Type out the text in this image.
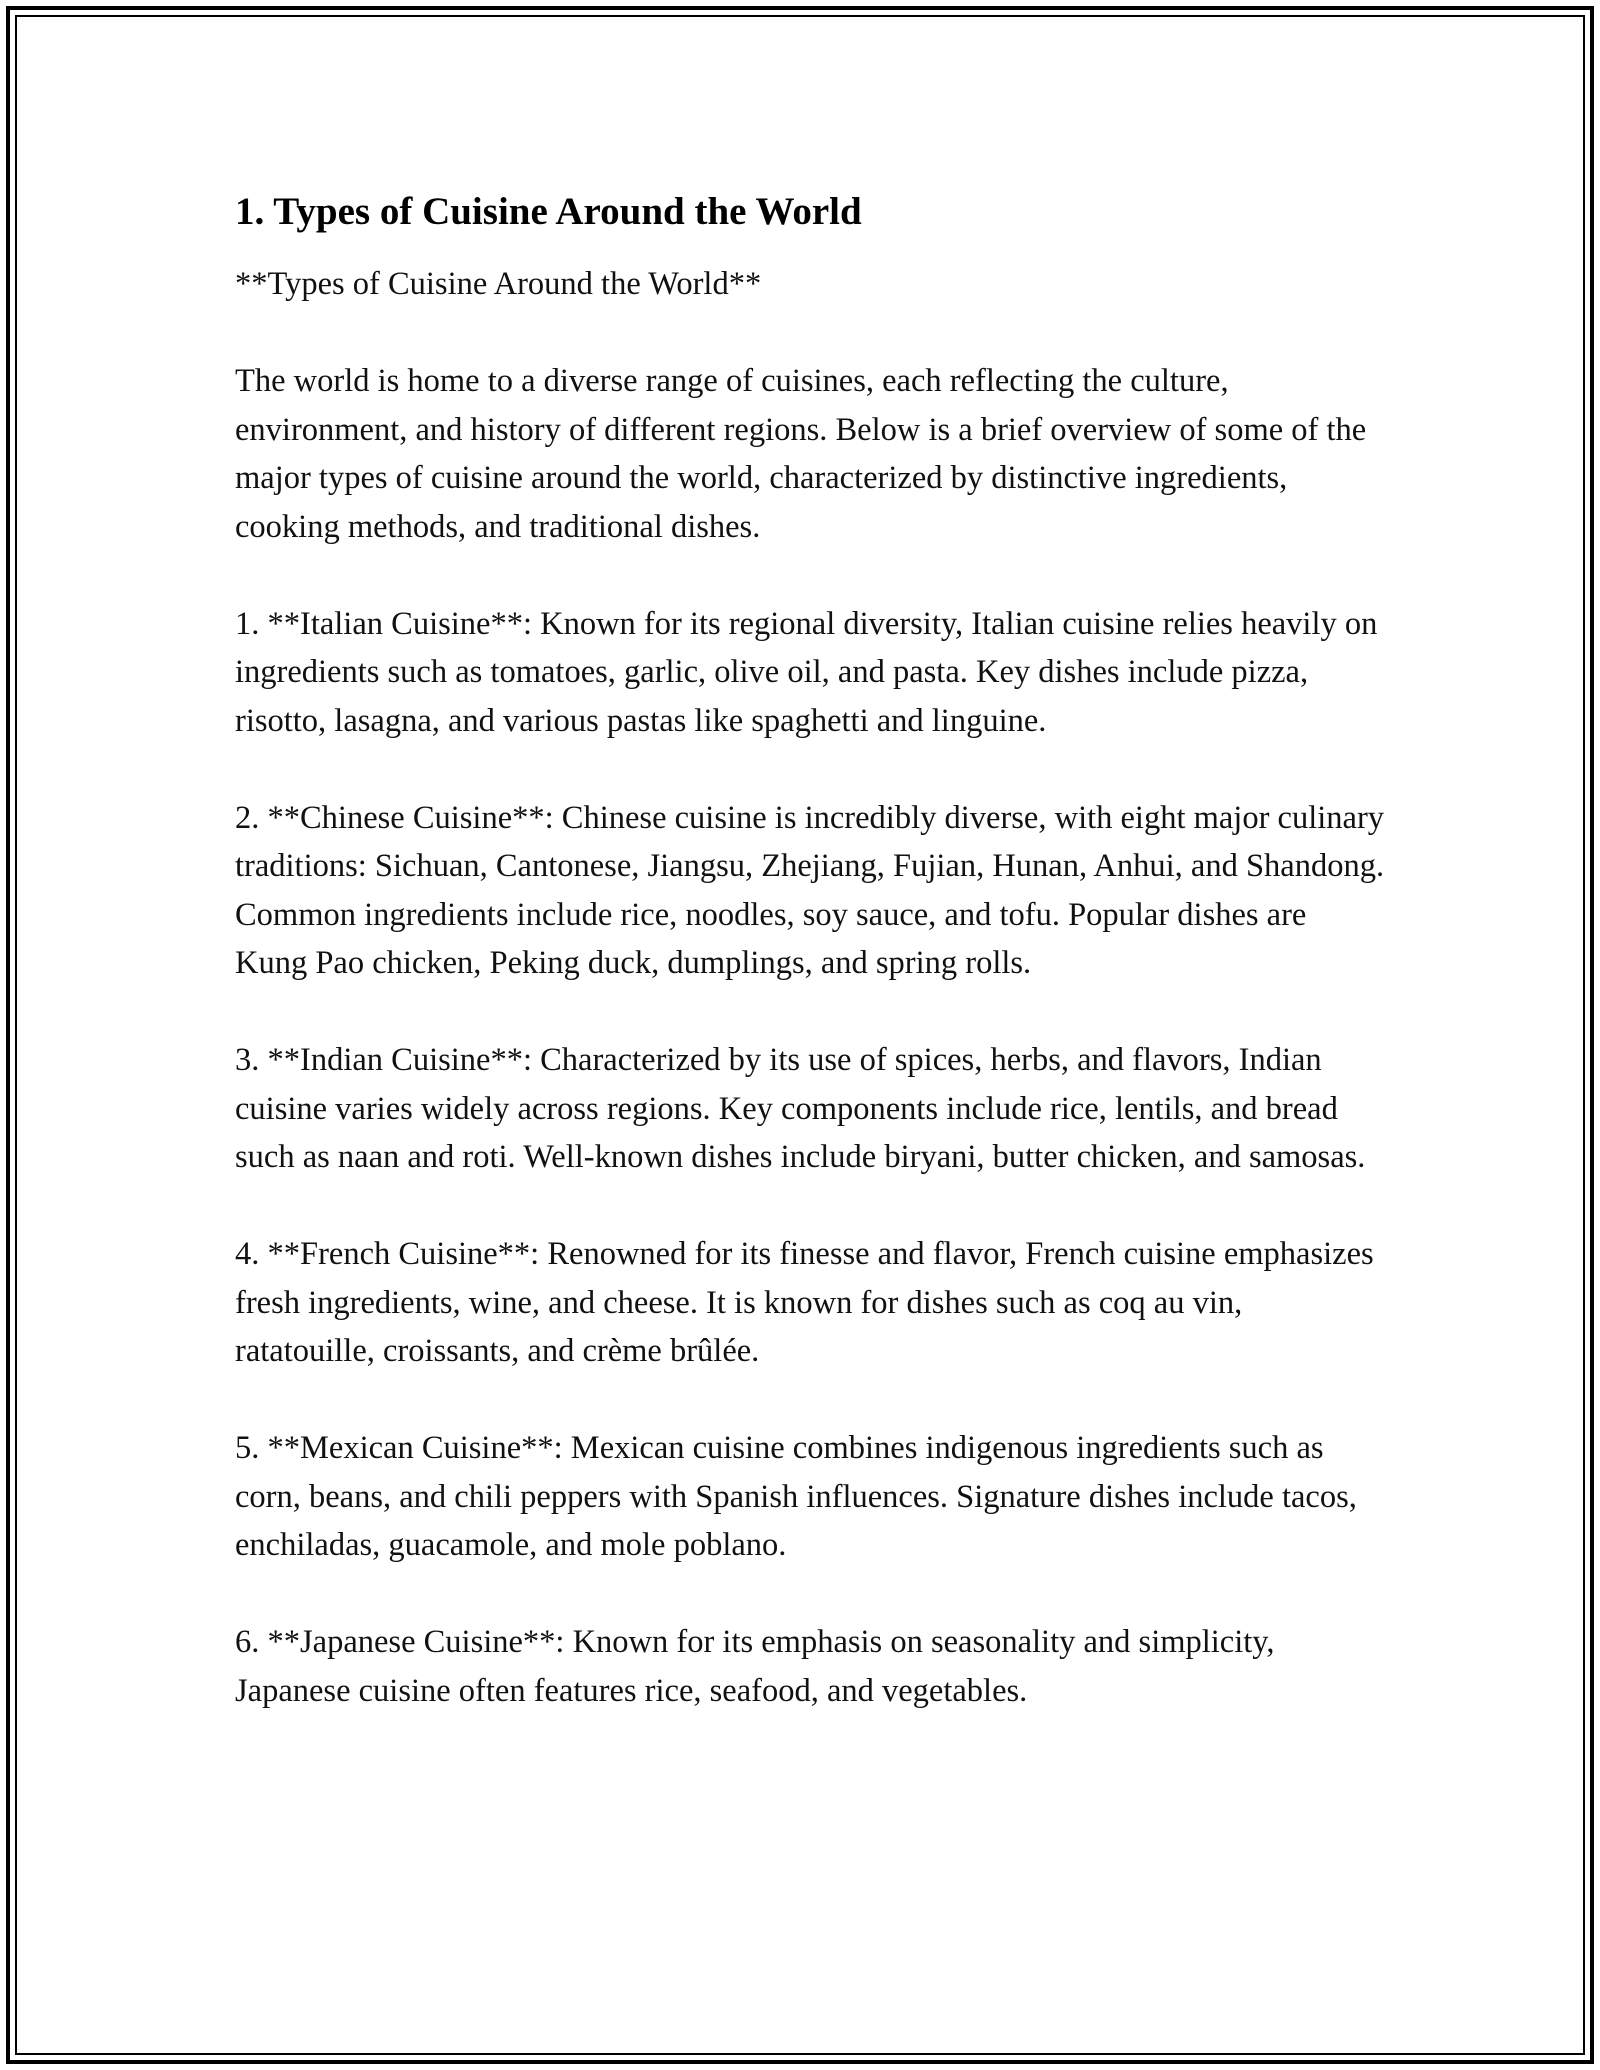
1. Types of Cuisine Around the World

**Types of Cuisine Around the World**

The world is home to a diverse range of cuisines, each reflecting the culture, environment, and history of different regions. Below is a brief overview of some of the major types of cuisine around the world, characterized by distinctive ingredients, cooking methods, and traditional dishes.

1. **Italian Cuisine**: Known for its regional diversity, Italian cuisine relies heavily on ingredients such as tomatoes, garlic, olive oil, and pasta. Key dishes include pizza, risotto, lasagna, and various pastas like spaghetti and linguine.

2. **Chinese Cuisine**: Chinese cuisine is incredibly diverse, with eight major culinary traditions: Sichuan, Cantonese, Jiangsu, Zhejiang, Fujian, Hunan, Anhui, and Shandong. Common ingredients include rice, noodles, soy sauce, and tofu. Popular dishes are Kung Pao chicken, Peking duck, dumplings, and spring rolls.

3. **Indian Cuisine**: Characterized by its use of spices, herbs, and flavors, Indian cuisine varies widely across regions. Key components include rice, lentils, and bread such as naan and roti. Well-known dishes include biryani, butter chicken, and samosas.

4. **French Cuisine**: Renowned for its finesse and flavor, French cuisine emphasizes fresh ingredients, wine, and cheese. It is known for dishes such as coq au vin, ratatouille, croissants, and crème brûlée.

5. **Mexican Cuisine**: Mexican cuisine combines indigenous ingredients such as corn, beans, and chili peppers with Spanish influences. Signature dishes include tacos, enchiladas, guacamole, and mole poblano.

6. **Japanese Cuisine**: Known for its emphasis on seasonality and simplicity, Japanese cuisine often features rice, seafood, and vegetables.
